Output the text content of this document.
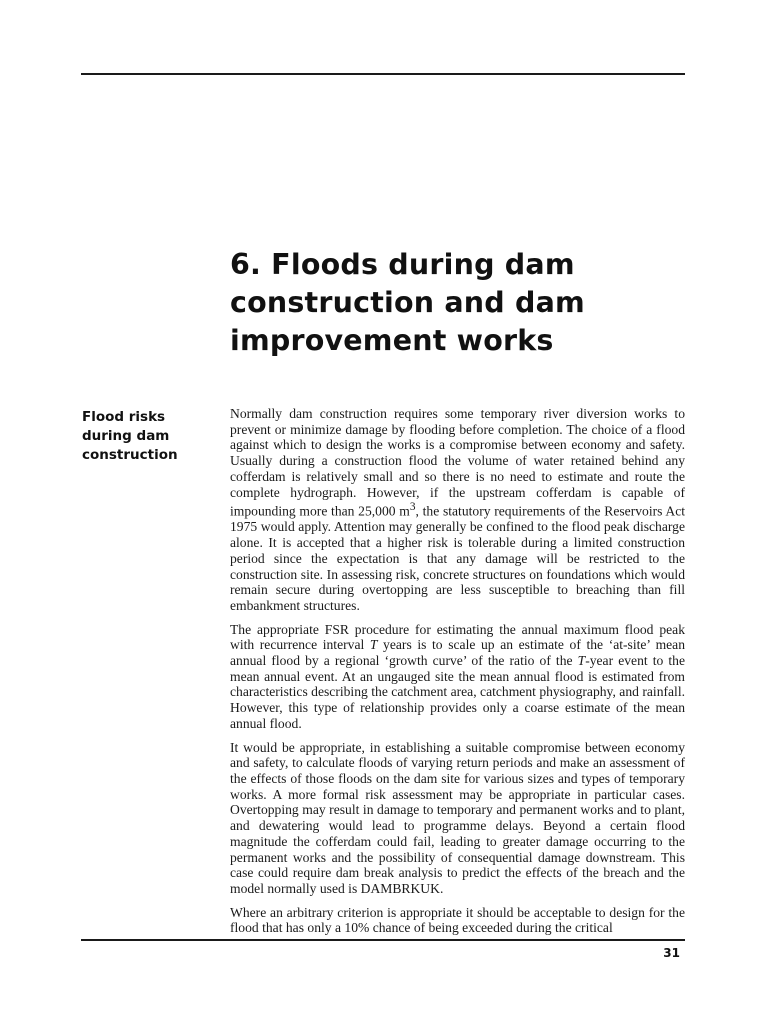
6. Floods during dam
construction and dam
improvement works
Flood risks
during dam
construction

Normally dam construction requires some temporary river diversion works to prevent or minimize damage by flooding before completion. The choice of a flood against which to design the works is a compromise between economy and safety. Usually during a construction flood the volume of water retained behind any cofferdam is relatively small and so there is no need to estimate and route the complete hydrograph. However, if the upstream cofferdam is capable of impounding more than 25,000 $m^3$, the statutory requirements of the Reservoirs Act 1975 would apply. Attention may generally be confined to the flood peak discharge alone. It is accepted that a higher risk is tolerable during a limited construction period since the expectation is that any damage will be restricted to the construction site. In assessing risk, concrete structures on foundations which would remain secure during overtopping are less susceptible to breaching than fill embankment structures.

The appropriate FSR procedure for estimating the annual maximum flood peak with recurrence interval T years is to scale up an estimate of the ‘at-site’ mean annual flood by a regional ‘growth curve’ of the ratio of the T-year event to the mean annual event. At an ungauged site the mean annual flood is estimated from characteristics describing the catchment area, catchment physiography, and rainfall. However, this type of relationship provides only a coarse estimate of the mean annual flood.

It would be appropriate, in establishing a suitable compromise between economy and safety, to calculate floods of varying return periods and make an assessment of the effects of those floods on the dam site for various sizes and types of temporary works. A more formal risk assessment may be appropriate in particular cases. Overtopping may result in damage to temporary and permanent works and to plant, and dewatering would lead to programme delays. Beyond a certain flood magnitude the cofferdam could fail, leading to greater damage occurring to the permanent works and the possibility of consequential damage downstream. This case could require dam break analysis to predict the effects of the breach and the model normally used is DAMBRKUK.

Where an arbitrary criterion is appropriate it should be acceptable to design for the flood that has only a 10% chance of being exceeded during the critical

31
